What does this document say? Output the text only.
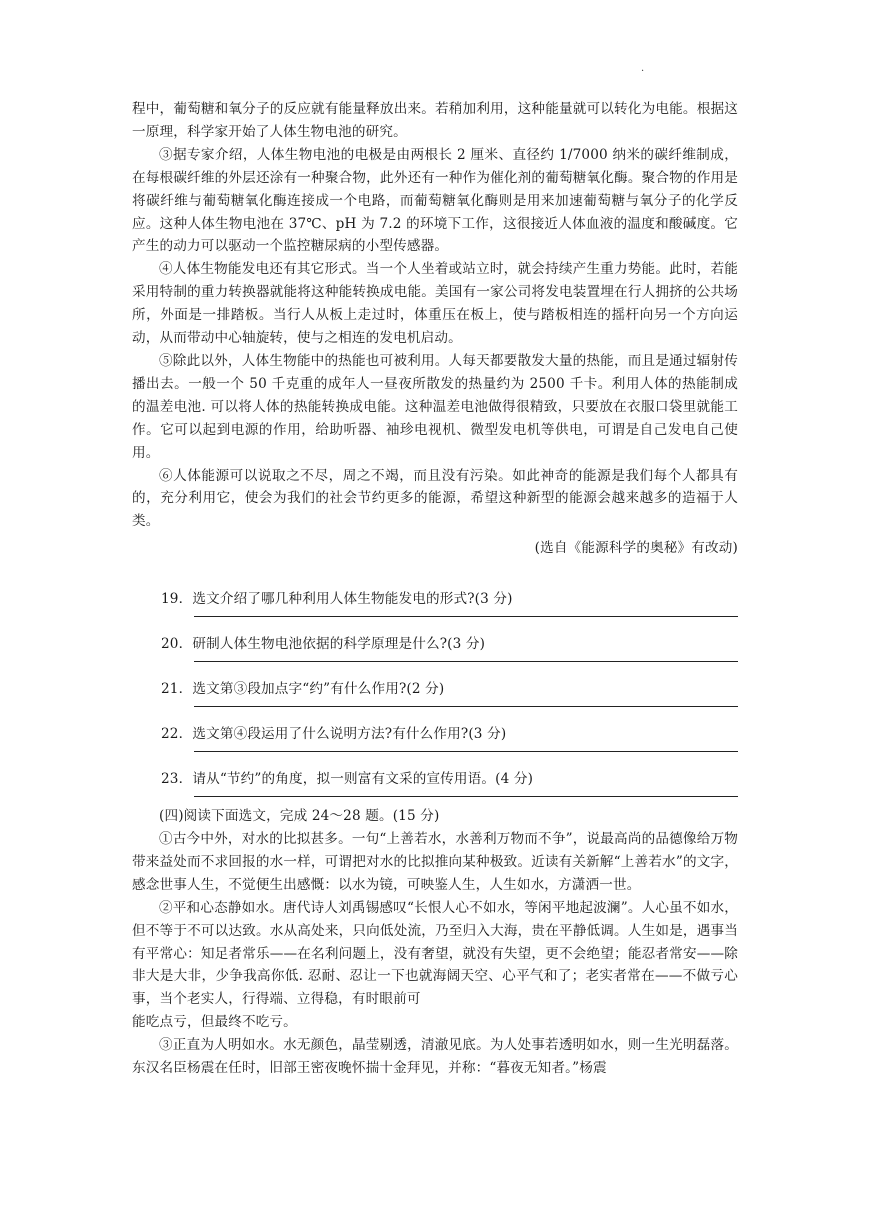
·

程中，葡萄糖和氧分子的反应就有能量释放出来。若稍加利用，这种能量就可以转化为电能。根据这一原理，科学家开始了人体生物电池的研究。

③据专家介绍，人体生物电池的电极是由两根长 2 厘米、直径约 1/7000 纳米的碳纤维制成，在每根碳纤维的外层还涂有一种聚合物，此外还有一种作为催化剂的葡萄糖氧化酶。聚合物的作用是将碳纤维与葡萄糖氧化酶连接成一个电路，而葡萄糖氧化酶则是用来加速葡萄糖与氧分子的化学反应。这种人体生物电池在 37℃、pH 为 7.2 的环境下工作，这很接近人体血液的温度和酸碱度。它产生的动力可以驱动一个监控糖尿病的小型传感器。

④人体生物能发电还有其它形式。当一个人坐着或站立时，就会持续产生重力势能。此时，若能采用特制的重力转换器就能将这种能转换成电能。美国有一家公司将发电装置埋在行人拥挤的公共场所，外面是一排踏板。当行人从板上走过时，体重压在板上，使与踏板相连的摇杆向另一个方向运动，从而带动中心轴旋转，使与之相连的发电机启动。

⑤除此以外，人体生物能中的热能也可被利用。人每天都要散发大量的热能，而且是通过辐射传播出去。一般一个 50 千克重的成年人一昼夜所散发的热量约为 2500 千卡。利用人体的热能制成的温差电池. 可以将人体的热能转换成电能。这种温差电池做得很精致，只要放在衣服口袋里就能工作。它可以起到电源的作用，给助听器、袖珍电视机、微型发电机等供电，可谓是自己发电自己使用。

⑥人体能源可以说取之不尽，周之不竭，而且没有污染。如此神奇的能源是我们每个人都具有的，充分利用它，使会为我们的社会节约更多的能源，希望这种新型的能源会越来越多的造福于人类。

(选自《能源科学的奥秘》有改动)

19．选文介绍了哪几种利用人体生物能发电的形式?(3 分)
20．研制人体生物电池依据的科学原理是什么?(3 分)
21．选文第③段加点字“约”有什么作用?(2 分)
22．选文第④段运用了什么说明方法?有什么作用?(3 分)
23．请从“节约”的角度，拟一则富有文采的宣传用语。(4 分)

(四)阅读下面选文，完成 24～28 题。(15 分)

①古今中外，对水的比拟甚多。一句“上善若水，水善利万物而不争”，说最高尚的品德像给万物带来益处而不求回报的水一样，可谓把对水的比拟推向某种极致。近读有关新解“上善若水”的文字，感念世事人生，不觉便生出感慨：以水为镜，可映鉴人生，人生如水，方潇洒一世。

②平和心态静如水。唐代诗人刘禹锡感叹“长恨人心不如水，等闲平地起波澜”。人心虽不如水，但不等于不可以达致。水从高处来，只向低处流，乃至归入大海，贵在平静低调。人生如是，遇事当有平常心：知足者常乐——在名利问题上，没有奢望，就没有失望，更不会绝望；能忍者常安——除非大是大非，少争我高你低. 忍耐、忍让一下也就海阔天空、心平气和了；老实者常在——不做亏心事，当个老实人，行得端、立得稳，有时眼前可

能吃点亏，但最终不吃亏。

③正直为人明如水。水无颜色，晶莹剔透，清澈见底。为人处事若透明如水，则一生光明磊落。东汉名臣杨震在任时，旧部王密夜晚怀揣十金拜见，并称：“暮夜无知者。”杨震
